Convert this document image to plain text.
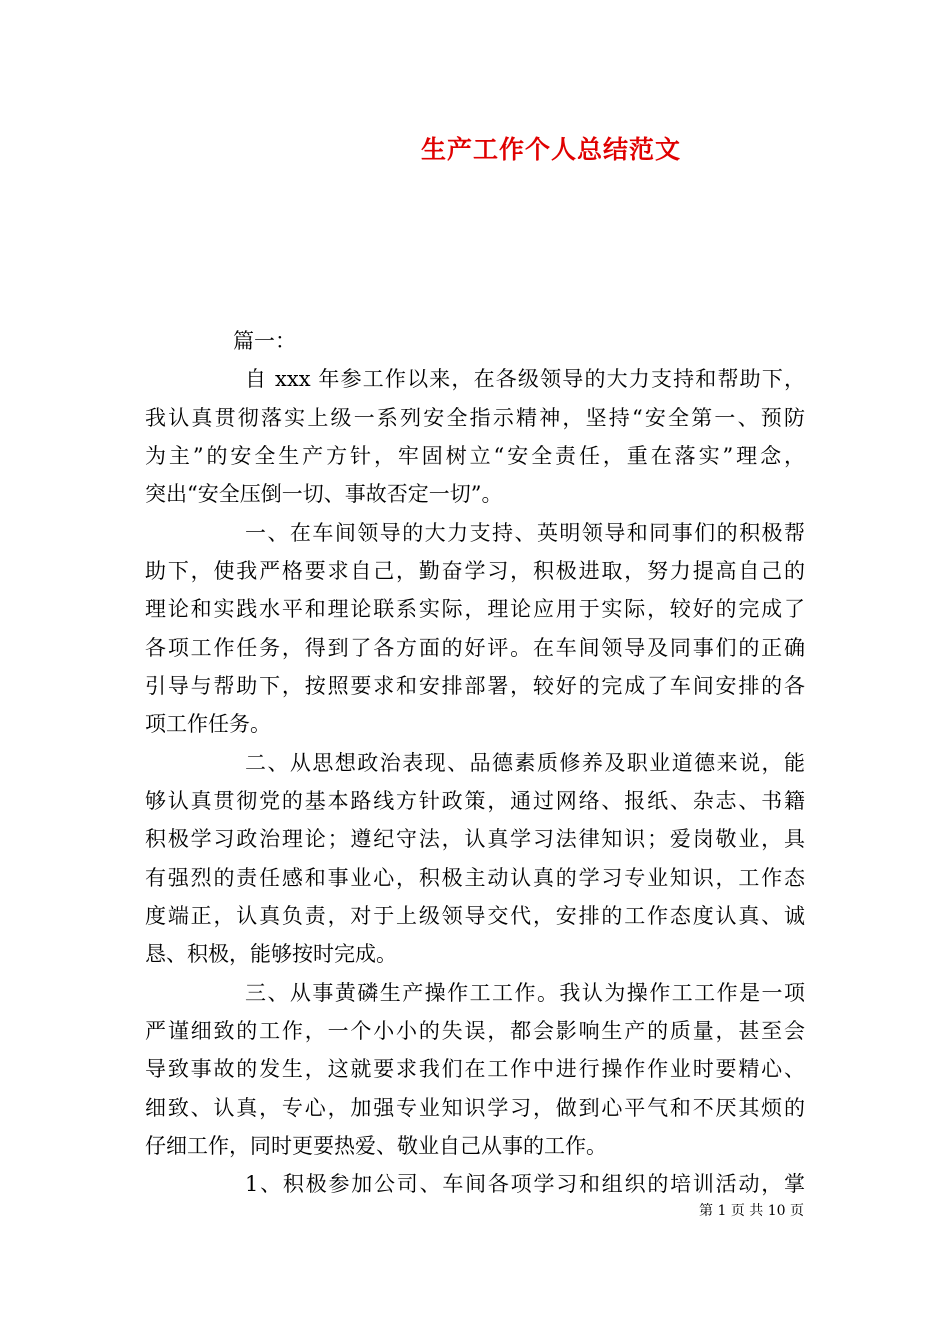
生产工作个人总结范文
篇一：
自 xxx 年参工作以来，在各级领导的大力支持和帮助下，
我认真贯彻落实上级一系列安全指示精神，坚持“安全第一、预防
为主”的安全生产方针，牢固树立“安全责任，重在落实”理念，
突出“安全压倒一切、事故否定一切”。
一、在车间领导的大力支持、英明领导和同事们的积极帮
助下，使我严格要求自己，勤奋学习，积极进取，努力提高自己的
理论和实践水平和理论联系实际，理论应用于实际，较好的完成了
各项工作任务，得到了各方面的好评。在车间领导及同事们的正确
引导与帮助下，按照要求和安排部署，较好的完成了车间安排的各
项工作任务。
二、从思想政治表现、品德素质修养及职业道德来说，能
够认真贯彻党的基本路线方针政策，通过网络、报纸、杂志、书籍
积极学习政治理论；遵纪守法，认真学习法律知识；爱岗敬业，具
有强烈的责任感和事业心，积极主动认真的学习专业知识，工作态
度端正，认真负责，对于上级领导交代，安排的工作态度认真、诚
恳、积极，能够按时完成。
三、从事黄磷生产操作工工作。我认为操作工工作是一项
严谨细致的工作，一个小小的失误，都会影响生产的质量，甚至会
导致事故的发生，这就要求我们在工作中进行操作作业时要精心、
细致、认真，专心，加强专业知识学习，做到心平气和不厌其烦的
仔细工作，同时更要热爱、敬业自己从事的工作。
1、积极参加公司、车间各项学习和组织的培训活动，掌
第 1 页 共 10 页
